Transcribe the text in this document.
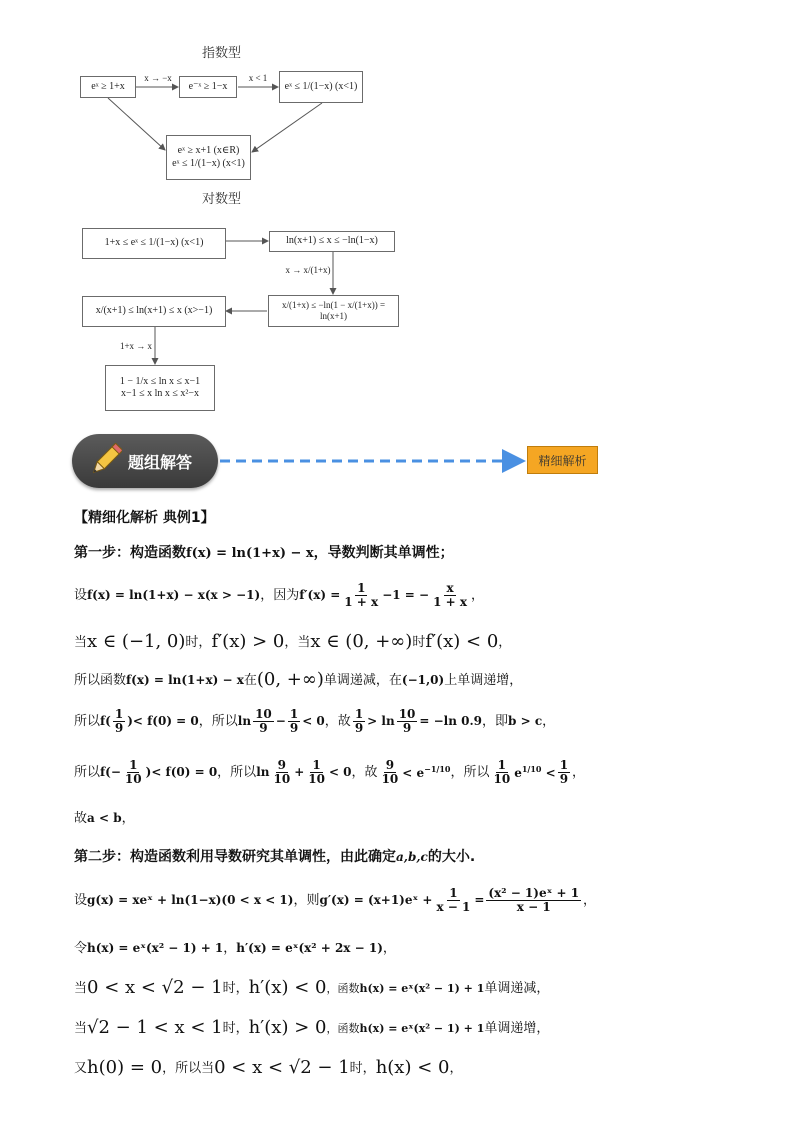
指数型
对数型
eˣ ≥ 1+x	e⁻ˣ ≥ 1−x	eˣ ≤ 1/(1−x) (x<1)
eˣ ≥ x+1 (x∈R)
eˣ ≤ 1/(1−x) (x<1)
x → −x	x < 1
1+x ≤ eˣ ≤ 1/(1−x) (x<1)	ln(x+1) ≤ x ≤ −ln(1−x)
x/(1+x) ≤ −ln(1 − x/(1+x)) = ln(x+1)
x/(x+1) ≤ ln(x+1) ≤ x (x>−1)
1 − 1/x ≤ ln x ≤ x−1
x−1 ≤ x ln x ≤ x²−x
x → x/(1+x)
1+x → x
题组解答	精细解析
【精细化解析 典例1】
第一步：构造函数f(x) = ln(1+x) − x，导数判断其单调性；
设 f(x) = ln(1+x) − x(x > −1) ，因为 $f'(x) = \frac{1}{1 + x} -1$ = − $\frac{x}{1 + x}$ ，
当 x ∈ (−1, 0) 时， f′(x) > 0 ，当 x ∈ (0, +∞) 时 f′(x) < 0 ，
所以函数 f(x) = ln(1+x) − x 在 (0, +∞) 单调递减，在 (−1,0) 上单调递增，
所以 $f( \frac{1}{9}$ ) < f(0) = 0 ，所以 $\ln \frac{10}{9} - \frac{1}{9} < 0$ ，故 $\frac{1}{9} > \ln \frac{10}{9} = -\ln$ 0.9 ，即 b > c ，
所以 $f(- \frac{1}{10}$ ) < f(0) = 0 ，所以 $\ln \frac{9}{10} + \frac{1}{10} < 0$ ，故 $\frac{9}{10} < e^{-1/10}$ ，所以 $\frac{1}{10} e^{1/10} < \frac{1}{9}$ ，
故a < b，
第二步：构造函数利用导数研究其单调性，由此确定a,b,c的大小.
设 g(x) = xeˣ + ln(1−x)(0 < x < 1) ，则 g′(x) = (x+1)eˣ + $\frac{1}{x - 1} = \frac{\text{(x² − 1)eˣ + 1}}{x - 1}$ ，
令h(x) = eˣ(x² − 1) + 1，h′(x) = eˣ(x² + 2x − 1)，
当 0 < x < √2 − 1 时， h′(x) < 0 ，函数 h(x) = eˣ(x² − 1) + 1 单调递减，
当 √2 − 1 < x < 1 时， h′(x) > 0 ，函数 h(x) = eˣ(x² − 1) + 1 单调递增，
又 h(0) = 0 ，所以当 0 < x < √2 − 1 时， h(x) < 0 ，
